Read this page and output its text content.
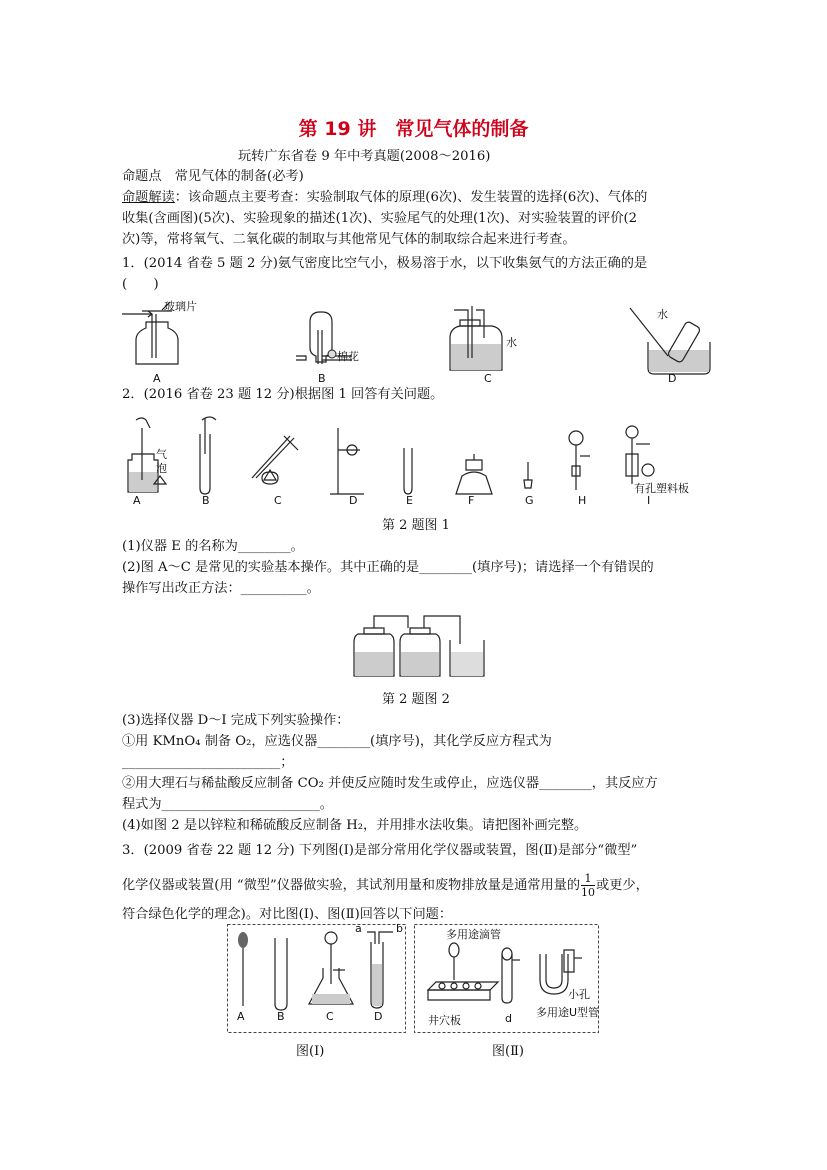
第 19 讲　常见气体的制备
玩转广东省卷 9 年中考真题(2008～2016)
命题点　常见气体的制备(必考)
命题解读：该命题点主要考查：实验制取气体的原理(6次)、发生装置的选择(6次)、气体的
收集(含画图)(5次)、实验现象的描述(1次)、实验尾气的处理(1次)、对实验装置的评价(2
次)等，常将氧气、二氧化碳的制取与其他常见气体的制取综合起来进行考查。
1．(2014 省卷 5 题 2 分)氨气密度比空气小，极易溶于水，以下收集氨气的方法正确的是
(　　)
玻璃片
棉花
水
水
A	B	C	D
2．(2016 省卷 23 题 12 分)根据图 1 回答有关问题。
气
泡
有孔塑料板
A	B	C	D	E	F	G	H	I
第 2 题图 1
(1)仪器 E 的名称为________。
(2)图 A～C 是常见的实验基本操作。其中正确的是________(填序号)；请选择一个有错误的
操作写出改正方法：__________。
第 2 题图 2
(3)选择仪器 D～I 完成下列实验操作：
①用 KMnO₄ 制备 O₂，应选仪器________(填序号)，其化学反应方程式为
________________________；
②用大理石与稀盐酸反应制备 CO₂ 并使反应随时发生或停止，应选仪器________，其反应方
程式为________________________。
(4)如图 2 是以锌粒和稀硫酸反应制备 H₂，并用排水法收集。请把图补画完整。
3．(2009 省卷 22 题 12 分) 下列图(Ⅰ)是部分常用化学仪器或装置，图(Ⅱ)是部分“微型”
化学仪器或装置(用 “微型”仪器做实验，其试剂用量和废物排放量是通常用量的 $\frac{1}{10}$ 或更少，
符合绿色化学的理念)。对比图(Ⅰ)、图(Ⅱ)回答以下问题：
A	B	C	D
a	b
图(Ⅰ)
多用途滴管
井穴板	d
小孔
多用途U型管
图(Ⅱ)
